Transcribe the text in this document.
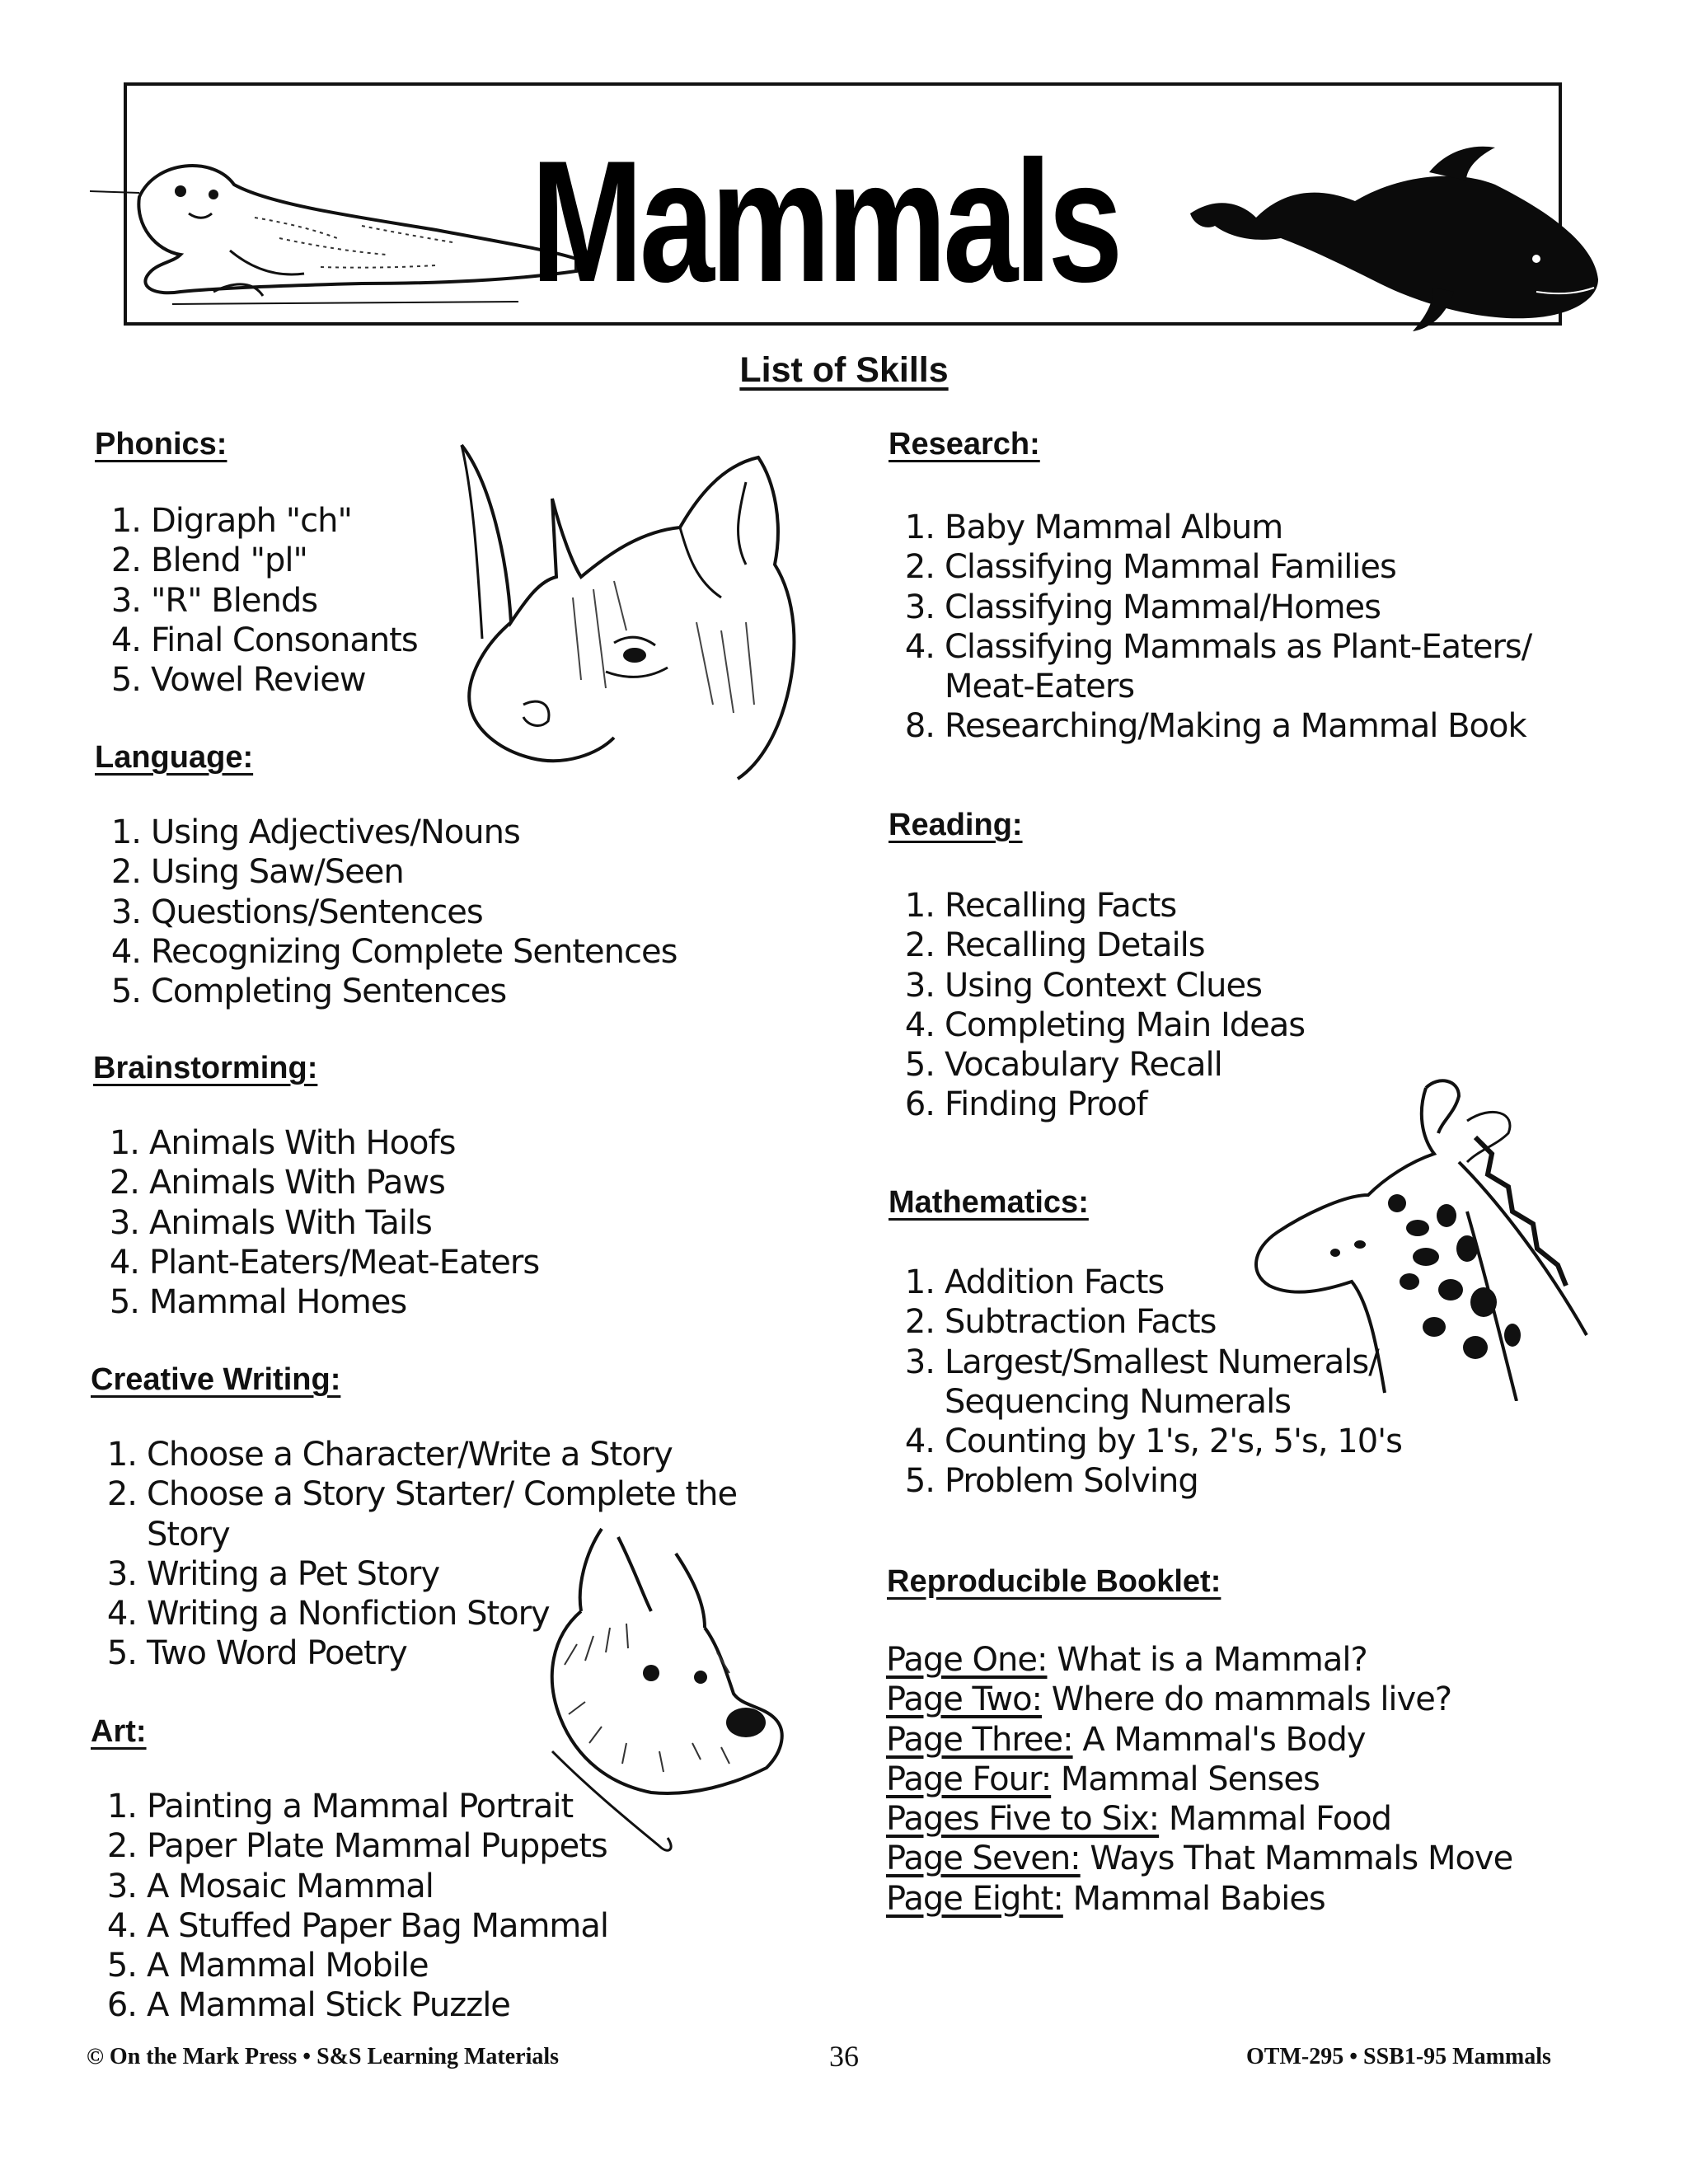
Mammals
List of Skills
Phonics:
Digraph "ch"
Blend "pl"
"R" Blends
Final Consonants
Vowel Review
Language:
Using Adjectives/Nouns
Using Saw/Seen
Questions/Sentences
Recognizing Complete Sentences
Completing Sentences
Brainstorming:
Animals With Hoofs
Animals With Paws
Animals With Tails
Plant-Eaters/Meat-Eaters
Mammal Homes
Creative Writing:
Choose a Character/Write a Story
Choose a Story Starter/ Complete the
Story
Writing a Pet Story
Writing a Nonfiction Story
Two Word Poetry
Art:
Painting a Mammal Portrait
Paper Plate Mammal Puppets
A Mosaic Mammal
A Stuffed Paper Bag Mammal
A Mammal Mobile
A Mammal Stick Puzzle
Research:
Baby Mammal Album
Classifying Mammal Families
Classifying Mammal/Homes
Classifying Mammals as Plant-Eaters/
Meat-Eaters
Researching/Making a Mammal Book
Reading:
Recalling Facts
Recalling Details
Using Context Clues
Completing Main Ideas
Vocabulary Recall
Finding Proof
Mathematics:
Addition Facts
Subtraction Facts
Largest/Smallest Numerals/
Sequencing Numerals
Counting by 1's, 2's, 5's, 10's
Problem Solving
Reproducible Booklet:
Page One: What is a Mammal?
Page Two: Where do mammals live?
Page Three: A Mammal's Body
Page Four: Mammal Senses
Pages Five to Six: Mammal Food
Page Seven: Ways That Mammals Move
Page Eight: Mammal Babies
© On the Mark Press • S&S Learning Materials	36	OTM-295 • SSB1-95 Mammals
